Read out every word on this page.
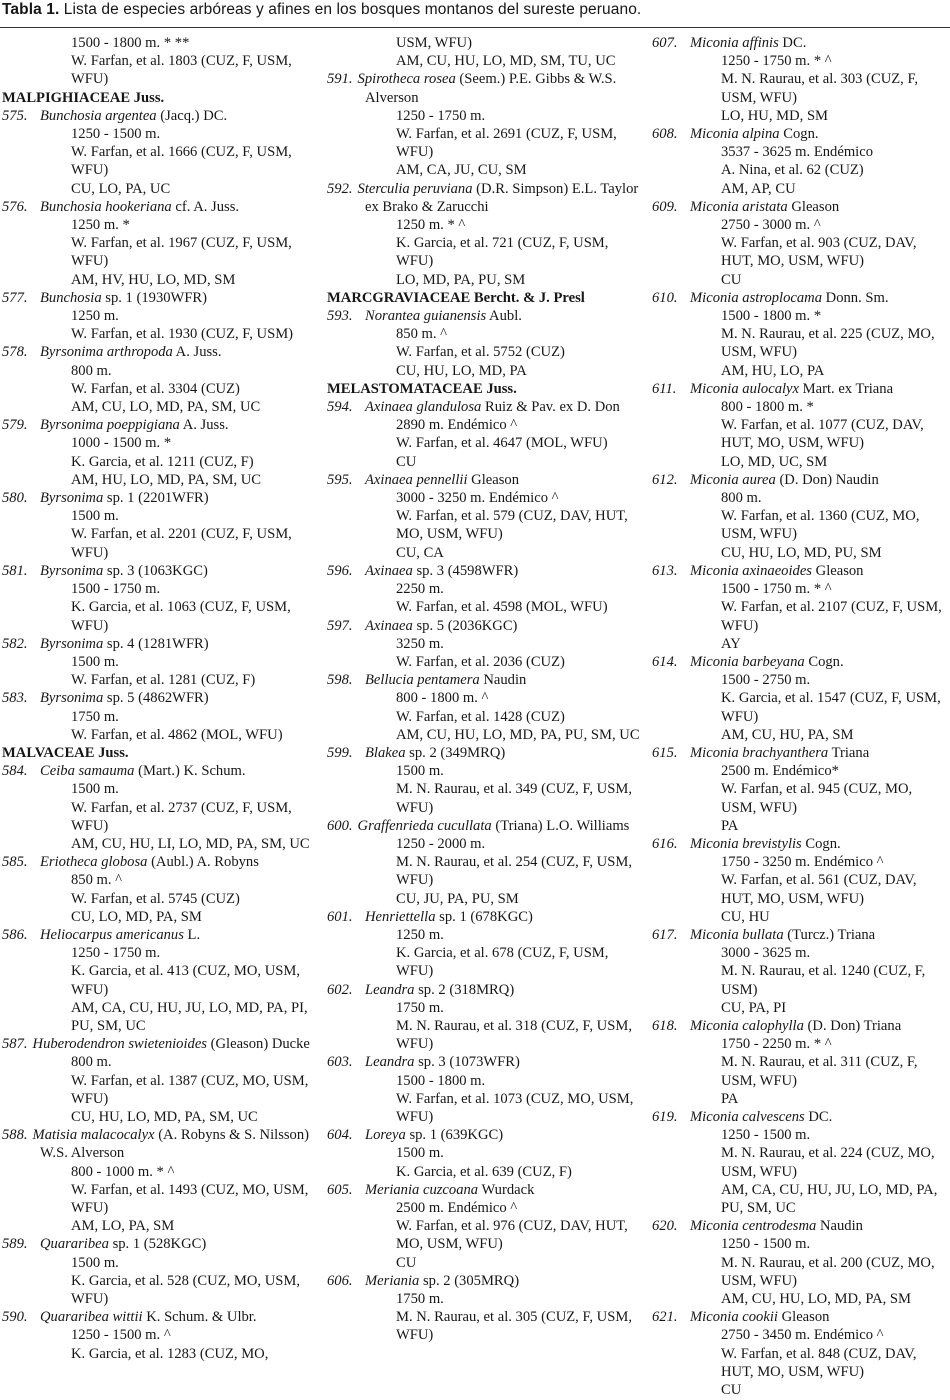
Tabla 1. Lista de especies arbóreas y afines en los bosques montanos del sureste peruano.
1500 - 1800 m. * **
W. Farfan, et al. 1803 (CUZ, F, USM, WFU)
MALPIGHIACEAE Juss.
575. Bunchosia argentea (Jacq.) DC.
1250 - 1500 m.
W. Farfan, et al. 1666 (CUZ, F, USM, WFU)
CU, LO, PA, UC
576. Bunchosia hookeriana cf. A. Juss.
1250 m. *
W. Farfan, et al. 1967 (CUZ, F, USM, WFU)
AM, HV, HU, LO, MD, SM
577. Bunchosia sp. 1 (1930WFR)
1250 m.
W. Farfan, et al. 1930 (CUZ, F, USM)
578. Byrsonima arthropoda A. Juss.
800 m.
W. Farfan, et al. 3304 (CUZ)
AM, CU, LO, MD, PA, SM, UC
579. Byrsonima poeppigiana A. Juss.
1000 - 1500 m. *
K. Garcia, et al. 1211 (CUZ, F)
AM, HU, LO, MD, PA, SM, UC
580. Byrsonima sp. 1 (2201WFR)
1500 m.
W. Farfan, et al. 2201 (CUZ, F, USM, WFU)
581. Byrsonima sp. 3 (1063KGC)
1500 - 1750 m.
K. Garcia, et al. 1063 (CUZ, F, USM, WFU)
582. Byrsonima sp. 4 (1281WFR)
1500 m.
W. Farfan, et al. 1281 (CUZ, F)
583. Byrsonima sp. 5 (4862WFR)
1750 m.
W. Farfan, et al. 4862 (MOL, WFU)
MALVACEAE Juss.
584. Ceiba samauma (Mart.) K. Schum.
1500 m.
W. Farfan, et al. 2737 (CUZ, F, USM, WFU)
AM, CU, HU, LI, LO, MD, PA, SM, UC
585. Eriotheca globosa (Aubl.) A. Robyns
850 m. ^
W. Farfan, et al. 5745 (CUZ)
CU, LO, MD, PA, SM
586. Heliocarpus americanus L.
1250 - 1750 m.
K. Garcia, et al. 413 (CUZ, MO, USM, WFU)
AM, CA, CU, HU, JU, LO, MD, PA, PI, PU, SM, UC
587. Huberodendron swietenioides (Gleason) Ducke
800 m.
W. Farfan, et al. 1387 (CUZ, MO, USM, WFU)
CU, HU, LO, MD, PA, SM, UC
588. Matisia malacocalyx (A. Robyns & S. Nilsson) W.S. Alverson
800 - 1000 m. * ^
W. Farfan, et al. 1493 (CUZ, MO, USM, WFU)
AM, LO, PA, SM
589. Quararibea sp. 1 (528KGC)
1500 m.
K. Garcia, et al. 528 (CUZ, MO, USM, WFU)
590. Quararibea wittii K. Schum. & Ulbr.
1250 - 1500 m. ^
K. Garcia, et al. 1283 (CUZ, MO,
USM, WFU)
AM, CU, HU, LO, MD, SM, TU, UC
591. Spirotheca rosea (Seem.) P.E. Gibbs & W.S. Alverson
1250 - 1750 m.
W. Farfan, et al. 2691 (CUZ, F, USM, WFU)
AM, CA, JU, CU, SM
592. Sterculia peruviana (D.R. Simpson) E.L. Taylor ex Brako & Zarucchi
1250 m. * ^
K. Garcia, et al. 721 (CUZ, F, USM, WFU)
LO, MD, PA, PU, SM
MARCGRAVIACEAE Bercht. & J. Presl
593. Norantea guianensis Aubl.
850 m. ^
W. Farfan, et al. 5752 (CUZ)
CU, HU, LO, MD, PA
MELASTOMATACEAE Juss.
594. Axinaea glandulosa Ruiz & Pav. ex D. Don
2890 m. Endémico ^
W. Farfan, et al. 4647 (MOL, WFU)
CU
595. Axinaea pennellii Gleason
3000 - 3250 m. Endémico ^
W. Farfan, et al. 579 (CUZ, DAV, HUT, MO, USM, WFU)
CU, CA
596. Axinaea sp. 3 (4598WFR)
2250 m.
W. Farfan, et al. 4598 (MOL, WFU)
597. Axinaea sp. 5 (2036KGC)
3250 m.
W. Farfan, et al. 2036 (CUZ)
598. Bellucia pentamera Naudin
800 - 1800 m. ^
W. Farfan, et al. 1428 (CUZ)
AM, CU, HU, LO, MD, PA, PU, SM, UC
599. Blakea sp. 2 (349MRQ)
1500 m.
M. N. Raurau, et al. 349 (CUZ, F, USM, WFU)
600. Graffenrieda cucullata (Triana) L.O. Williams
1250 - 2000 m.
M. N. Raurau, et al. 254 (CUZ, F, USM, WFU)
CU, JU, PA, PU, SM
601. Henriettella sp. 1 (678KGC)
1250 m.
K. Garcia, et al. 678 (CUZ, F, USM, WFU)
602. Leandra sp. 2 (318MRQ)
1750 m.
M. N. Raurau, et al. 318 (CUZ, F, USM, WFU)
603. Leandra sp. 3 (1073WFR)
1500 - 1800 m.
W. Farfan, et al. 1073 (CUZ, MO, USM, WFU)
604. Loreya sp. 1 (639KGC)
1500 m.
K. Garcia, et al. 639 (CUZ, F)
605. Meriania cuzcoana Wurdack
2500 m. Endémico ^
W. Farfan, et al. 976 (CUZ, DAV, HUT, MO, USM, WFU)
CU
606. Meriania sp. 2 (305MRQ)
1750 m.
M. N. Raurau, et al. 305 (CUZ, F, USM, WFU)
607. Miconia affinis DC.
1250 - 1750 m. * ^
M. N. Raurau, et al. 303 (CUZ, F, USM, WFU)
LO, HU, MD, SM
608. Miconia alpina Cogn.
3537 - 3625 m. Endémico
A. Nina, et al. 62 (CUZ)
AM, AP, CU
609. Miconia aristata Gleason
2750 - 3000 m. ^
W. Farfan, et al. 903 (CUZ, DAV, HUT, MO, USM, WFU)
CU
610. Miconia astroplocama Donn. Sm.
1500 - 1800 m. *
M. N. Raurau, et al. 225 (CUZ, MO, USM, WFU)
AM, HU, LO, PA
611. Miconia aulocalyx Mart. ex Triana
800 - 1800 m. *
W. Farfan, et al. 1077 (CUZ, DAV, HUT, MO, USM, WFU)
LO, MD, UC, SM
612. Miconia aurea (D. Don) Naudin
800 m.
W. Farfan, et al. 1360 (CUZ, MO, USM, WFU)
CU, HU, LO, MD, PU, SM
613. Miconia axinaeoides Gleason
1500 - 1750 m. * ^
W. Farfan, et al. 2107 (CUZ, F, USM, WFU)
AY
614. Miconia barbeyana Cogn.
1500 - 2750 m.
K. Garcia, et al. 1547 (CUZ, F, USM, WFU)
AM, CU, HU, PA, SM
615. Miconia brachyanthera Triana
2500 m. Endémico*
W. Farfan, et al. 945 (CUZ, MO, USM, WFU)
PA
616. Miconia brevistylis Cogn.
1750 - 3250 m. Endémico ^
W. Farfan, et al. 561 (CUZ, DAV, HUT, MO, USM, WFU)
CU, HU
617. Miconia bullata (Turcz.) Triana
3000 - 3625 m.
M. N. Raurau, et al. 1240 (CUZ, F, USM)
CU, PA, PI
618. Miconia calophylla (D. Don) Triana
1750 - 2250 m. * ^
M. N. Raurau, et al. 311 (CUZ, F, USM, WFU)
PA
619. Miconia calvescens DC.
1250 - 1500 m.
M. N. Raurau, et al. 224 (CUZ, MO, USM, WFU)
AM, CA, CU, HU, JU, LO, MD, PA, PU, SM, UC
620. Miconia centrodesma Naudin
1250 - 1500 m.
M. N. Raurau, et al. 200 (CUZ, MO, USM, WFU)
AM, CU, HU, LO, MD, PA, SM
621. Miconia cookii Gleason
2750 - 3450 m. Endémico ^
W. Farfan, et al. 848 (CUZ, DAV, HUT, MO, USM, WFU)
CU
